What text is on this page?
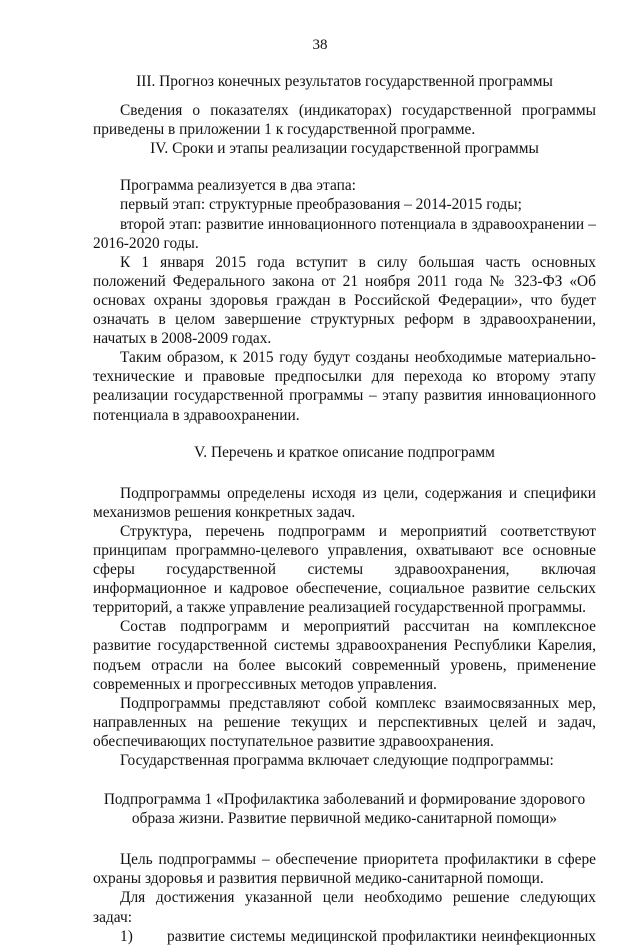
38

III. Прогноз конечных результатов государственной программы

Сведения о показателях (индикаторах) государственной программы приведены в приложении 1 к государственной программе.

IV. Сроки и этапы реализации государственной программы

Программа реализуется в два этапа:

первый этап: структурные преобразования – 2014-2015 годы;

второй этап: развитие инновационного потенциала в здравоохранении – 2016-2020 годы.

К 1 января 2015 года вступит в силу большая часть основных положений Федерального закона от 21 ноября 2011 года № 323-ФЗ «Об основах охраны здоровья граждан в Российской Федерации», что будет означать в целом завершение структурных реформ в здравоохранении, начатых в 2008-2009 годах.

Таким образом, к 2015 году будут созданы необходимые материально-технические и правовые предпосылки для перехода ко второму этапу реализации государственной программы – этапу развития инновационного потенциала в здравоохранении.

V. Перечень и краткое описание подпрограмм

Подпрограммы определены исходя из цели, содержания и специфики механизмов решения конкретных задач.

Структура, перечень подпрограмм и мероприятий соответствуют принципам программно-целевого управления, охватывают все основные сферы государственной системы здравоохранения, включая информационное и кадровое обеспечение, социальное развитие сельских территорий, а также управление реализацией государственной программы.

Состав подпрограмм и мероприятий рассчитан на комплексное развитие государственной системы здравоохранения Республики Карелия, подъем отрасли на более высокий современный уровень, применение современных и прогрессивных методов управления.

Подпрограммы представляют собой комплекс взаимосвязанных мер, направленных на решение текущих и перспективных целей и задач, обеспечивающих поступательное развитие здравоохранения.

Государственная программа включает следующие подпрограммы:

Подпрограмма 1 «Профилактика заболеваний и формирование здорового

образа жизни. Развитие первичной медико-санитарной помощи»

Цель подпрограммы – обеспечение приоритета профилактики в сфере охраны здоровья и развития первичной медико-санитарной помощи.

Для достижения указанной цели необходимо решение следующих задач:

1)	развитие системы медицинской профилактики неинфекционных
